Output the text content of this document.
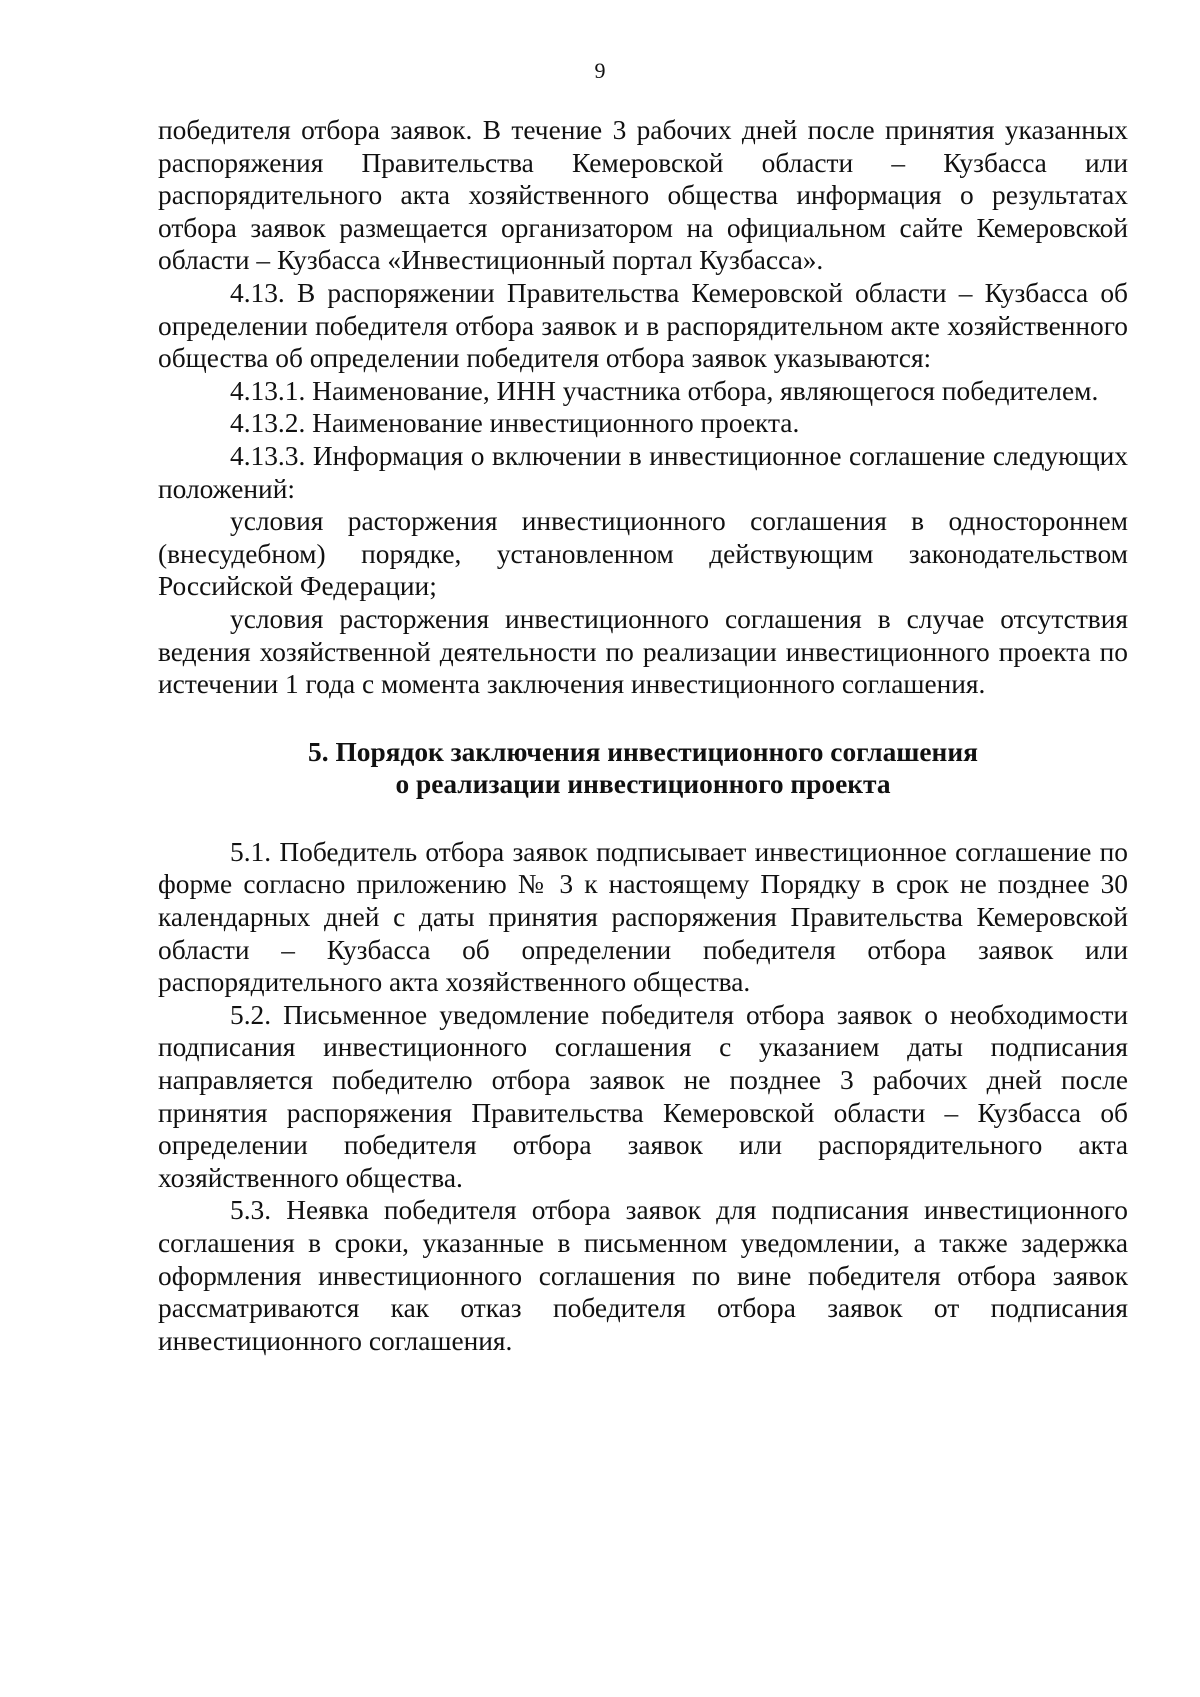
9

победителя отбора заявок. В течение 3 рабочих дней после принятия указанных распоряжения Правительства Кемеровской области – Кузбасса или распорядительного акта хозяйственного общества информация о результатах отбора заявок размещается организатором на официальном сайте Кемеровской области – Кузбасса «Инвестиционный портал Кузбасса».

4.13. В распоряжении Правительства Кемеровской области – Кузбасса об определении победителя отбора заявок и в распорядительном акте хозяйственного общества об определении победителя отбора заявок указываются:

4.13.1. Наименование, ИНН участника отбора, являющегося победителем.

4.13.2. Наименование инвестиционного проекта.

4.13.3. Информация о включении в инвестиционное соглашение следующих положений:

условия расторжения инвестиционного соглашения в одностороннем (внесудебном) порядке, установленном действующим законодательством Российской Федерации;

условия расторжения инвестиционного соглашения в случае отсутствия ведения хозяйственной деятельности по реализации инвестиционного проекта по истечении 1 года с момента заключения инвестиционного соглашения.

5. Порядок заключения инвестиционного соглашения
о реализации инвестиционного проекта

5.1. Победитель отбора заявок подписывает инвестиционное соглашение по форме согласно приложению № 3 к настоящему Порядку в срок не позднее 30 календарных дней с даты принятия распоряжения Правительства Кемеровской области – Кузбасса об определении победителя отбора заявок или распорядительного акта хозяйственного общества.

5.2. Письменное уведомление победителя отбора заявок о необходимости подписания инвестиционного соглашения с указанием даты подписания направляется победителю отбора заявок не позднее 3 рабочих дней после принятия распоряжения Правительства Кемеровской области – Кузбасса об определении победителя отбора заявок или распорядительного акта хозяйственного общества.

5.3. Неявка победителя отбора заявок для подписания инвестиционного соглашения в сроки, указанные в письменном уведомлении, а также задержка оформления инвестиционного соглашения по вине победителя отбора заявок рассматриваются как отказ победителя отбора заявок от подписания инвестиционного соглашения.
